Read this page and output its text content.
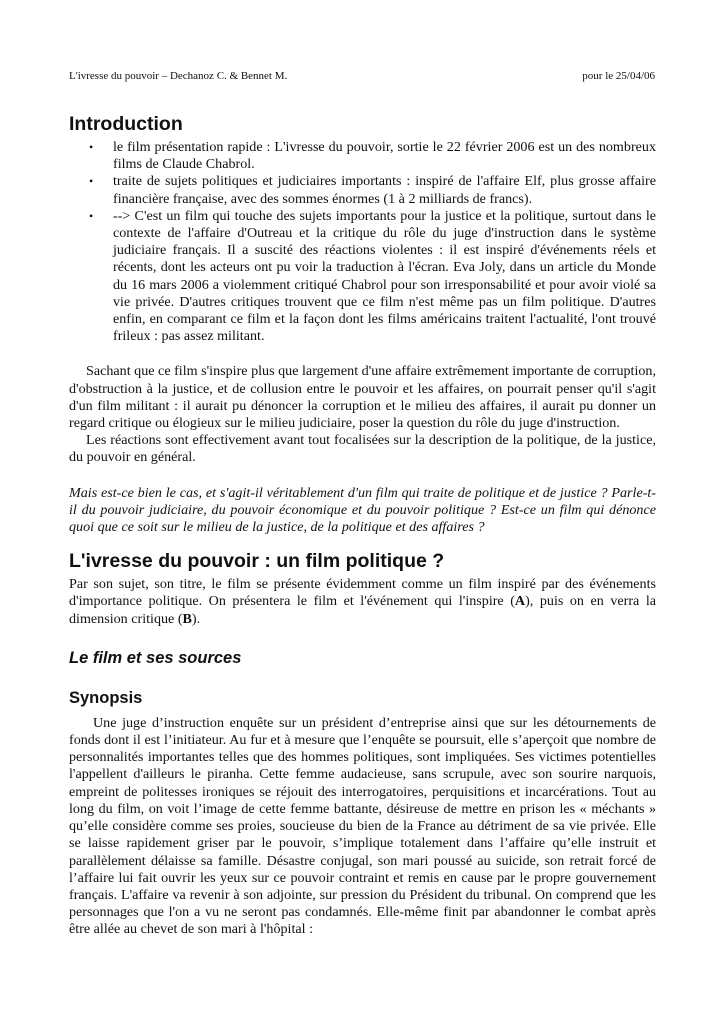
L'ivresse du pouvoir – Dechanoz C. & Bennet M.	pour le 25/04/06
Introduction
• le film présentation rapide : L'ivresse du pouvoir, sortie le 22 février 2006 est un des nombreux films de Claude Chabrol.
• traite de sujets politiques et judiciaires importants : inspiré de l'affaire Elf, plus grosse affaire financière française, avec des sommes énormes (1 à 2 milliards de francs).
• --> C'est un film qui touche des sujets importants pour la justice et la politique, surtout dans le contexte de l'affaire d'Outreau et la critique du rôle du juge d'instruction dans le système judiciaire français. Il a suscité des réactions violentes : il est inspiré d'événements réels et récents, dont les acteurs ont pu voir la traduction à l'écran. Eva Joly, dans un article du Monde du 16 mars 2006 a violemment critiqué Chabrol pour son irresponsabilité et pour avoir violé sa vie privée. D'autres critiques trouvent que ce film n'est même pas un film politique. D'autres enfin, en comparant ce film et la façon dont les films américains traitent l'actualité, l'ont trouvé frileux : pas assez militant.

Sachant que ce film s'inspire plus que largement d'une affaire extrêmement importante de corruption, d'obstruction à la justice, et de collusion entre le pouvoir et les affaires, on pourrait penser qu'il s'agit d'un film militant : il aurait pu dénoncer la corruption et le milieu des affaires, il aurait pu donner un regard critique ou élogieux sur le milieu judiciaire, poser la question du rôle du juge d'instruction.

Les réactions sont effectivement avant tout focalisées sur la description de la politique, de la justice, du pouvoir en général.

Mais est-ce bien le cas, et s'agit-il véritablement d'un film qui traite de politique et de justice ? Parle-t-il du pouvoir judiciaire, du pouvoir économique et du pouvoir politique ? Est-ce un film qui dénonce quoi que ce soit sur le milieu de la justice, de la politique et des affaires ?

L'ivresse du pouvoir : un film politique ?

Par son sujet, son titre, le film se présente évidemment comme un film inspiré par des événements d'importance politique. On présentera le film et l'événement qui l'inspire (A), puis on en verra la dimension critique (B).

Le film et ses sources
Synopsis

Une juge d’instruction enquête sur un président d’entreprise ainsi que sur les détournements de fonds dont il est l’initiateur. Au fur et à mesure que l’enquête se poursuit, elle s’aperçoit que nombre de personnalités importantes telles que des hommes politiques, sont impliquées. Ses victimes potentielles l'appellent d'ailleurs le piranha. Cette femme audacieuse, sans scrupule, avec son sourire narquois, empreint de politesses ironiques se réjouit des interrogatoires, perquisitions et incarcérations. Tout au long du film, on voit l’image de cette femme battante, désireuse de mettre en prison les « méchants » qu’elle considère comme ses proies, soucieuse du bien de la France au détriment de sa vie privée. Elle se laisse rapidement griser par le pouvoir, s’implique totalement dans l’affaire qu’elle instruit et parallèlement délaisse sa famille. Désastre conjugal, son mari poussé au suicide, son retrait forcé de l’affaire lui fait ouvrir les yeux sur ce pouvoir contraint et remis en cause par le propre gouvernement français. L'affaire va revenir à son adjointe, sur pression du Président du tribunal. On comprend que les personnages que l'on a vu ne seront pas condamnés. Elle-même finit par abandonner le combat après être allée au chevet de son mari à l'hôpital :
